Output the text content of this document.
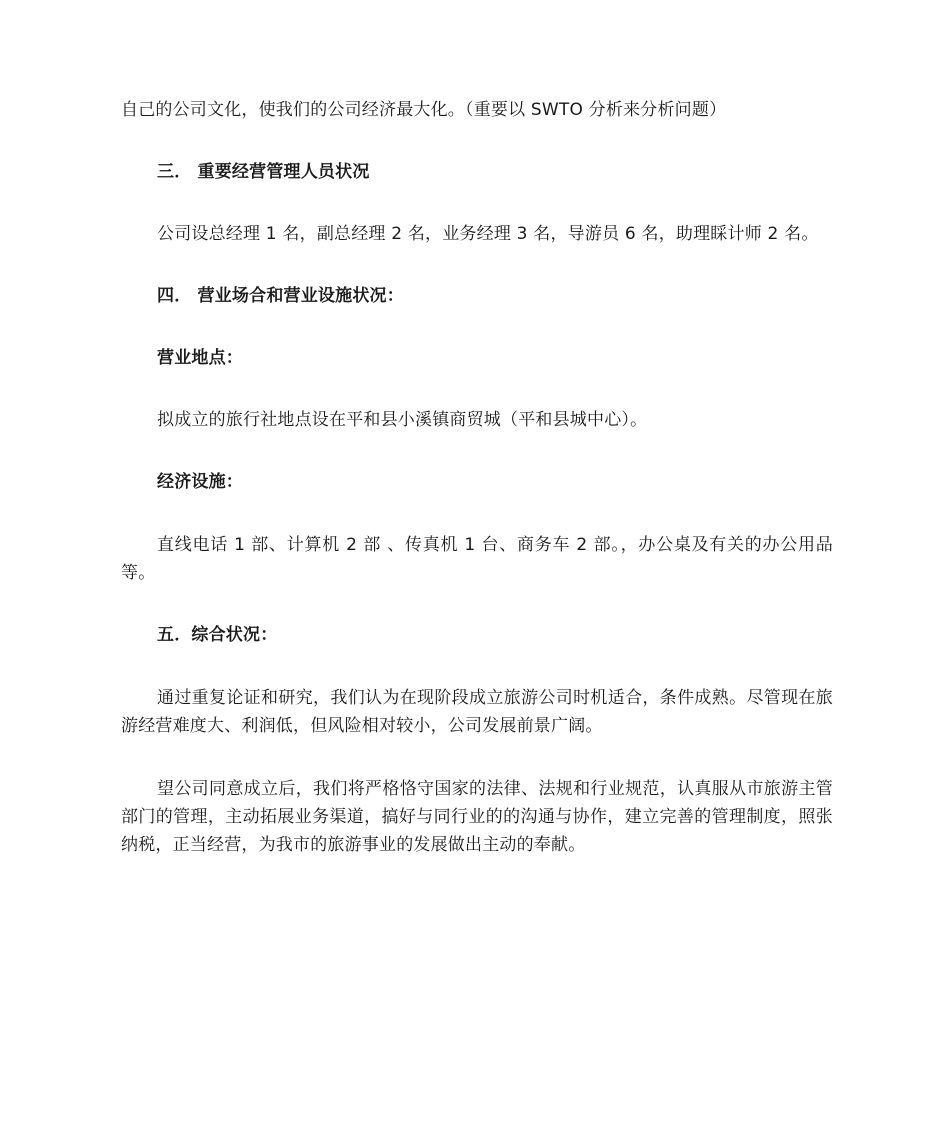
自己的公司文化，使我们的公司经济最大化。（重要以 SWTO 分析来分析问题）
三． 重要经营管理人员状况
公司设总经理 1 名，副总经理 2 名，业务经理 3 名，导游员 6 名，助理睬计师 2 名。
四． 营业场合和营业设施状况：
营业地点：
拟成立的旅行社地点设在平和县小溪镇商贸城（平和县城中心）。
经济设施：
直线电话 1 部、计算机 2 部 、传真机 1 台、商务车 2 部。，办公桌及有关的办公用品等。
五．综合状况：
通过重复论证和研究，我们认为在现阶段成立旅游公司时机适合，条件成熟。尽管现在旅游经营难度大、利润低，但风险相对较小，公司发展前景广阔。
望公司同意成立后，我们将严格恪守国家的法律、法规和行业规范，认真服从市旅游主管部门的管理，主动拓展业务渠道，搞好与同行业的的沟通与协作，建立完善的管理制度，照张纳税，正当经营，为我市的旅游事业的发展做出主动的奉献。
